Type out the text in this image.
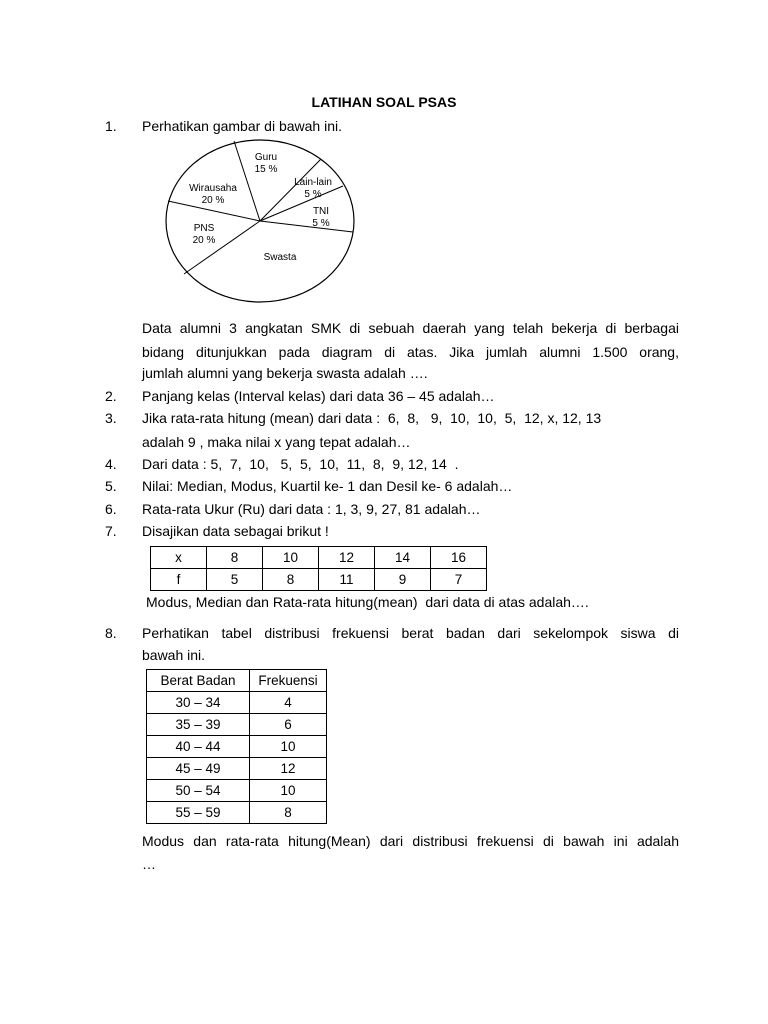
LATIHAN SOAL PSAS
1. Perhatikan gambar di bawah ini.
Guru
15 %
Lain-lain
5 %
TNI
5 %
Wirausaha
20 %
PNS
20 %
Swasta
Data alumni 3 angkatan SMK di sebuah daerah yang telah bekerja di berbagai
bidang ditunjukkan pada diagram di atas. Jika jumlah alumni 1.500 orang,
jumlah alumni yang bekerja swasta adalah ….
2. Panjang kelas (Interval kelas) dari data 36 – 45 adalah…
3. Jika rata-rata hitung (mean) dari data :  6,  8,   9,  10,  10,  5,  12, x, 12, 13
adalah 9 , maka nilai x yang tepat adalah…
4. Dari data : 5,  7,  10,   5,  5,  10,  11,  8,  9, 12, 14  .
5. Nilai: Median, Modus, Kuartil ke- 1 dan Desil ke- 6 adalah…
6. Rata-rata Ukur (Ru) dari data : 1, 3, 9, 27, 81 adalah…
7. Disajikan data sebagai brikut !
x	8	10	12	14	16
f	5	8	11	9	7
Modus, Median dan Rata-rata hitung(mean)  dari data di atas adalah….
8. Perhatikan tabel distribusi frekuensi berat badan dari sekelompok siswa di
bawah ini.
Berat Badan	Frekuensi
30 – 34	4
35 – 39	6
40 – 44	10
45 – 49	12
50 – 54	10
55 – 59	8
Modus dan rata-rata hitung(Mean) dari distribusi frekuensi di bawah ini adalah
…
